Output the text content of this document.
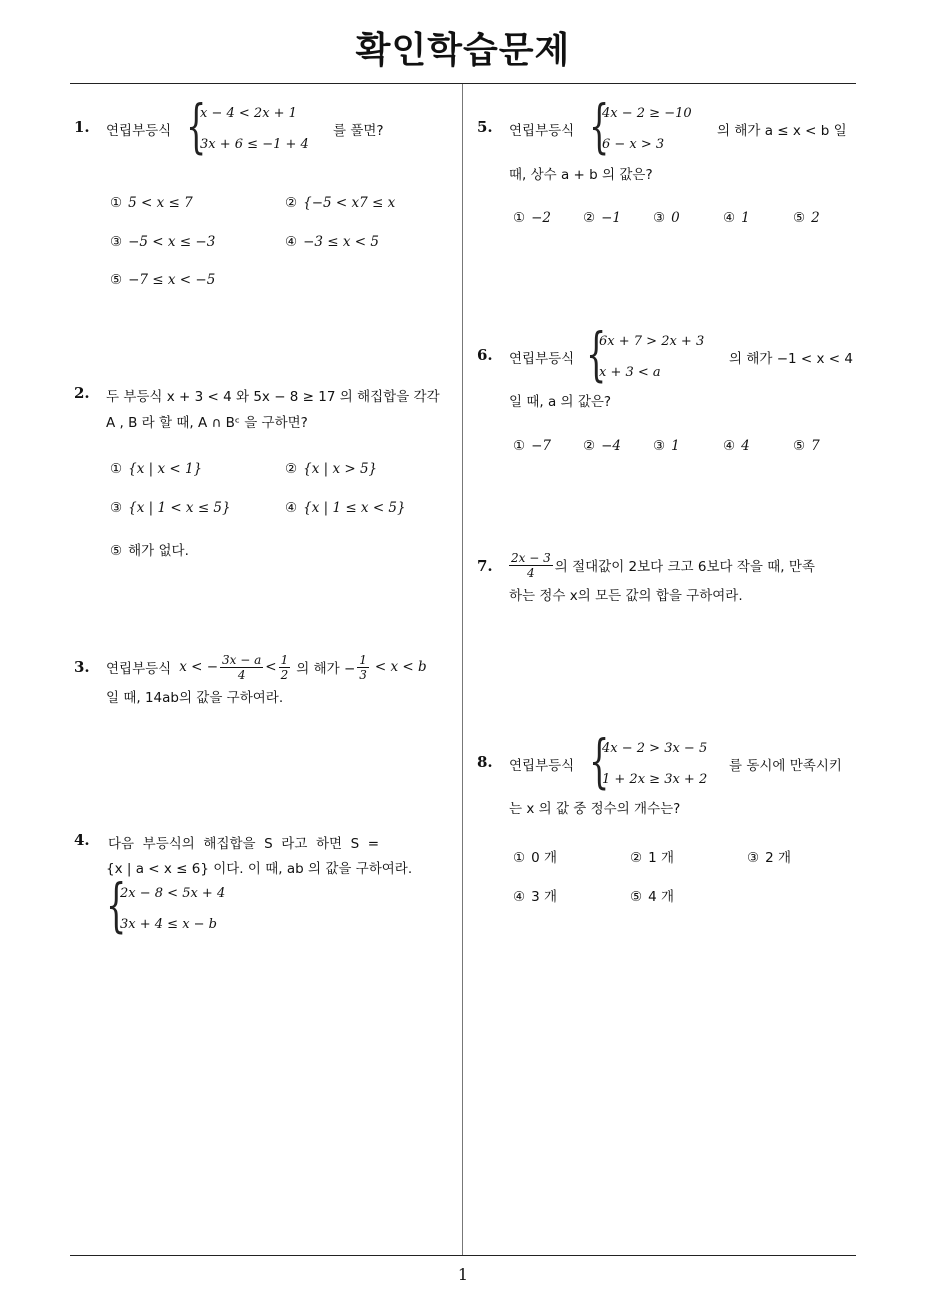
확인학습문제
1
1. 연립부등식 {
x − 4 < 2x + 1
3x + 6 ≤ −1 + 4
를 풀면?
① 5 < x ≤ 7	② {−5 < x7 ≤ x
③ −5 < x ≤ −3	④ −3 ≤ x < 5
⑤ −7 ≤ x < −5
2. 두 부등식 x + 3 < 4 와 5x − 8 ≥ 17 의 해집합을 각각
A , B 라 할 때, A ∩ Bᶜ 을 구하면?
① {x | x < 1}	② {x | x > 5}
③ {x | 1 < x ≤ 5}	④ {x | 1 ≤ x < 5}
⑤ 해가 없다.
3. 연립부등식 x < − $\frac{3x - a}{4} < \frac{1}{2}$ 의 해가 − $\frac{1}{3} < x < b$
일 때, 14ab의 값을 구하여라.
4. 다음  부등식의  해집합을  S  라고  하면  S  =
{x | a < x ≤ 6} 이다. 이 때, ab 의 값을 구하여라.
{
2x − 8 < 5x + 4
3x + 4 ≤ x − b
5. 연립부등식 {
4x − 2 ≥ −10
6 − x > 3
의 해가 a ≤ x < b 일
때, 상수 a + b 의 값은?
① −2 ② −1 ③ 0	④ 1	⑤ 2
6. 연립부등식 {
6x + 7 > 2x + 3
x + 3 < a
의 해가 −1 < x < 4
일 때, a 의 값은?
① −7 ② −4 ③ 1	④ 4	⑤ 7
7. $\frac{2x - 3}{4}$ 의 절대값이 2보다 크고 6보다 작을 때, 만족
하는 정수 x의 모든 값의 합을 구하여라.
8. 연립부등식 {
4x − 2 > 3x − 5
1 + 2x ≥ 3x + 2
를 동시에 만족시키
는 x 의 값 중 정수의 개수는?
① 0 개	② 1 개	③ 2 개
④ 3 개	⑤ 4 개
